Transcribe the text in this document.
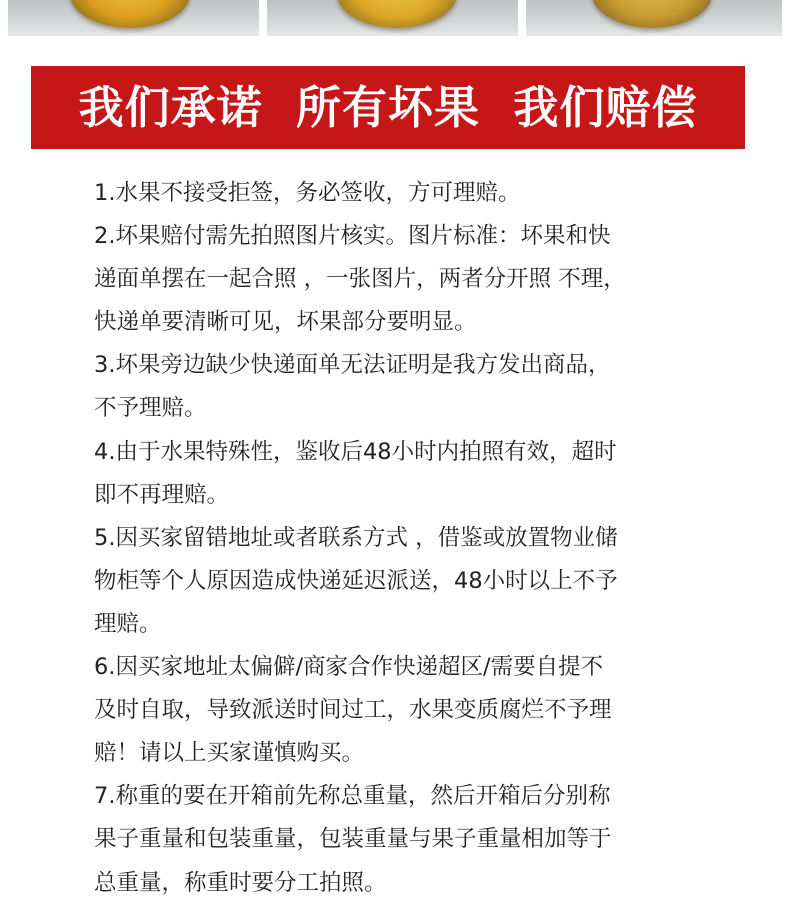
我们承诺  所有坏果  我们赔偿
1.水果不接受拒签，务必签收，方可理赔。
2.坏果赔付需先拍照图片核实。图片标准：坏果和快
递面单摆在一起合照 ，一张图片，两者分开照 不理，
快递单要清晰可见，坏果部分要明显。
3.坏果旁边缺少快递面单无法证明是我方发出商品，
不予理赔。
4.由于水果特殊性，鉴收后48小时内拍照有效，超时
即不再理赔。
5.因买家留错地址或者联系方式 ，借鉴或放置物业储
物柜等个人原因造成快递延迟派送，48小时以上不予
理赔。
6.因买家地址太偏僻/商家合作快递超区/需要自提不
及时自取，导致派送时间过工，水果变质腐烂不予理
赔！请以上买家谨慎购买。
7.称重的要在开箱前先称总重量，然后开箱后分别称
果子重量和包装重量，包装重量与果子重量相加等于
总重量，称重时要分工拍照。
